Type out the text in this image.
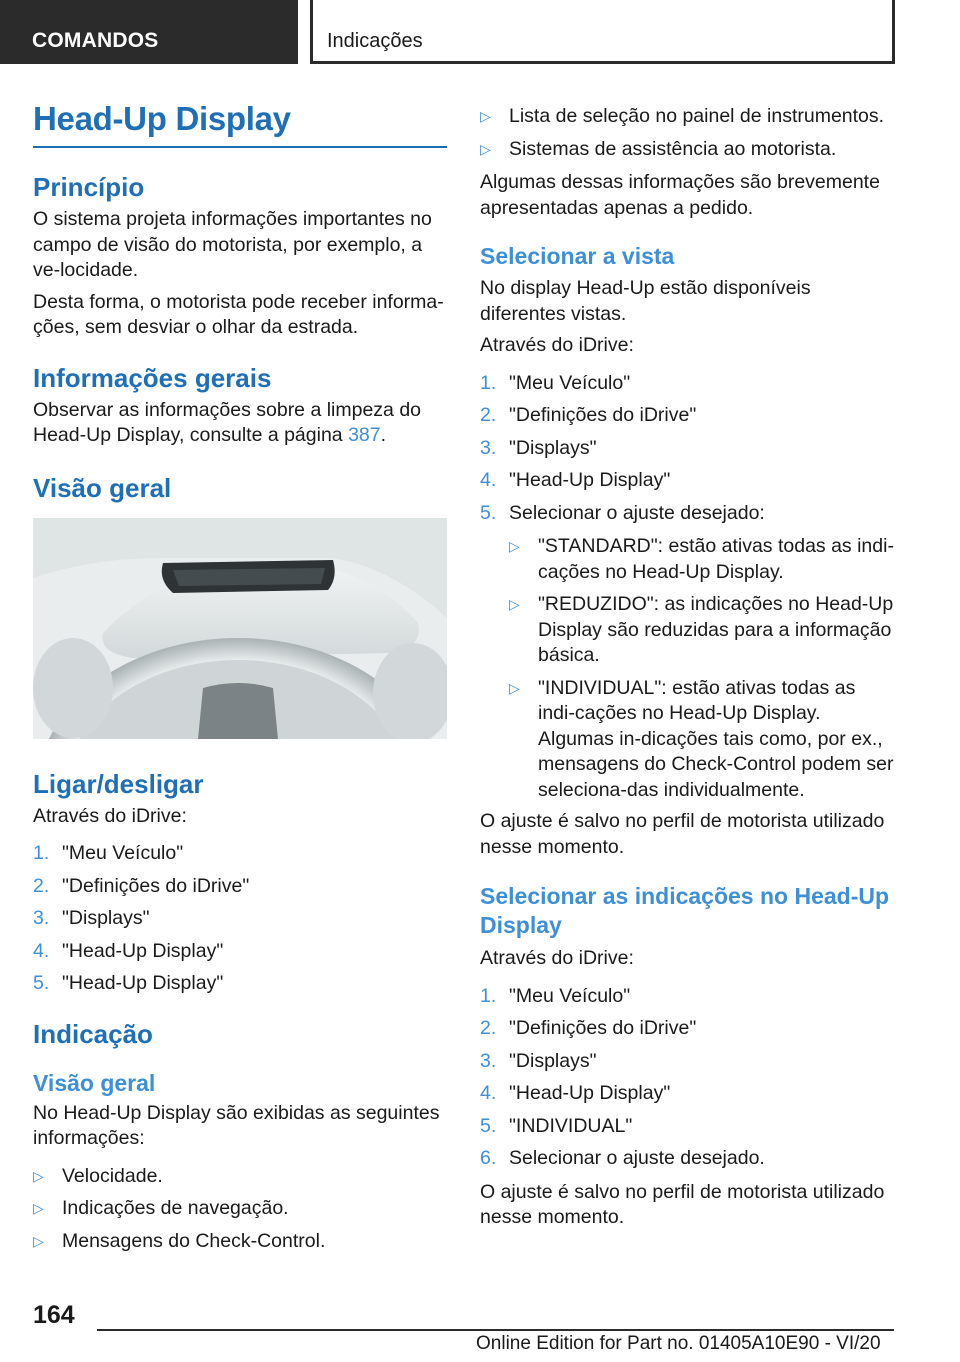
COMANDOS	Indicações
Head-Up Display
Princípio

O sistema projeta informações importantes no campo de visão do motorista, por exemplo, a ve-locidade.

Desta forma, o motorista pode receber informa-ções, sem desviar o olhar da estrada.

Informações gerais

Observar as informações sobre a limpeza do Head-Up Display, consulte a página 387.

Visão geral
Ligar/desligar

Através do iDrive:

1. "Meu Veículo"
2. "Definições do iDrive"
3. "Displays"
4. "Head-Up Display"
5. "Head-Up Display"
Indicação
Visão geral

No Head-Up Display são exibidas as seguintes informações:

▷ Velocidade.
▷ Indicações de navegação.
▷ Mensagens do Check-Control.
▷ Lista de seleção no painel de instrumentos.
▷ Sistemas de assistência ao motorista.

Algumas dessas informações são brevemente apresentadas apenas a pedido.

Selecionar a vista

No display Head-Up estão disponíveis diferentes vistas.

Através do iDrive:

1. "Meu Veículo"
2. "Definições do iDrive"
3. "Displays"
4. "Head-Up Display"
5. Selecionar o ajuste desejado:
▷ "STANDARD": estão ativas todas as indi-cações no Head-Up Display.
▷ "REDUZIDO": as indicações no Head-Up Display são reduzidas para a informação básica.
▷ "INDIVIDUAL": estão ativas todas as indi-cações no Head-Up Display. Algumas in-dicações tais como, por ex., mensagens do Check-Control podem ser seleciona-das individualmente.

O ajuste é salvo no perfil de motorista utilizado nesse momento.

Selecionar as indicações no Head-Up Display

Através do iDrive:

1. "Meu Veículo"
2. "Definições do iDrive"
3. "Displays"
4. "Head-Up Display"
5. "INDIVIDUAL"
6. Selecionar o ajuste desejado.

O ajuste é salvo no perfil de motorista utilizado nesse momento.

164
Online Edition for Part no. 01405A10E90 - VI/20
